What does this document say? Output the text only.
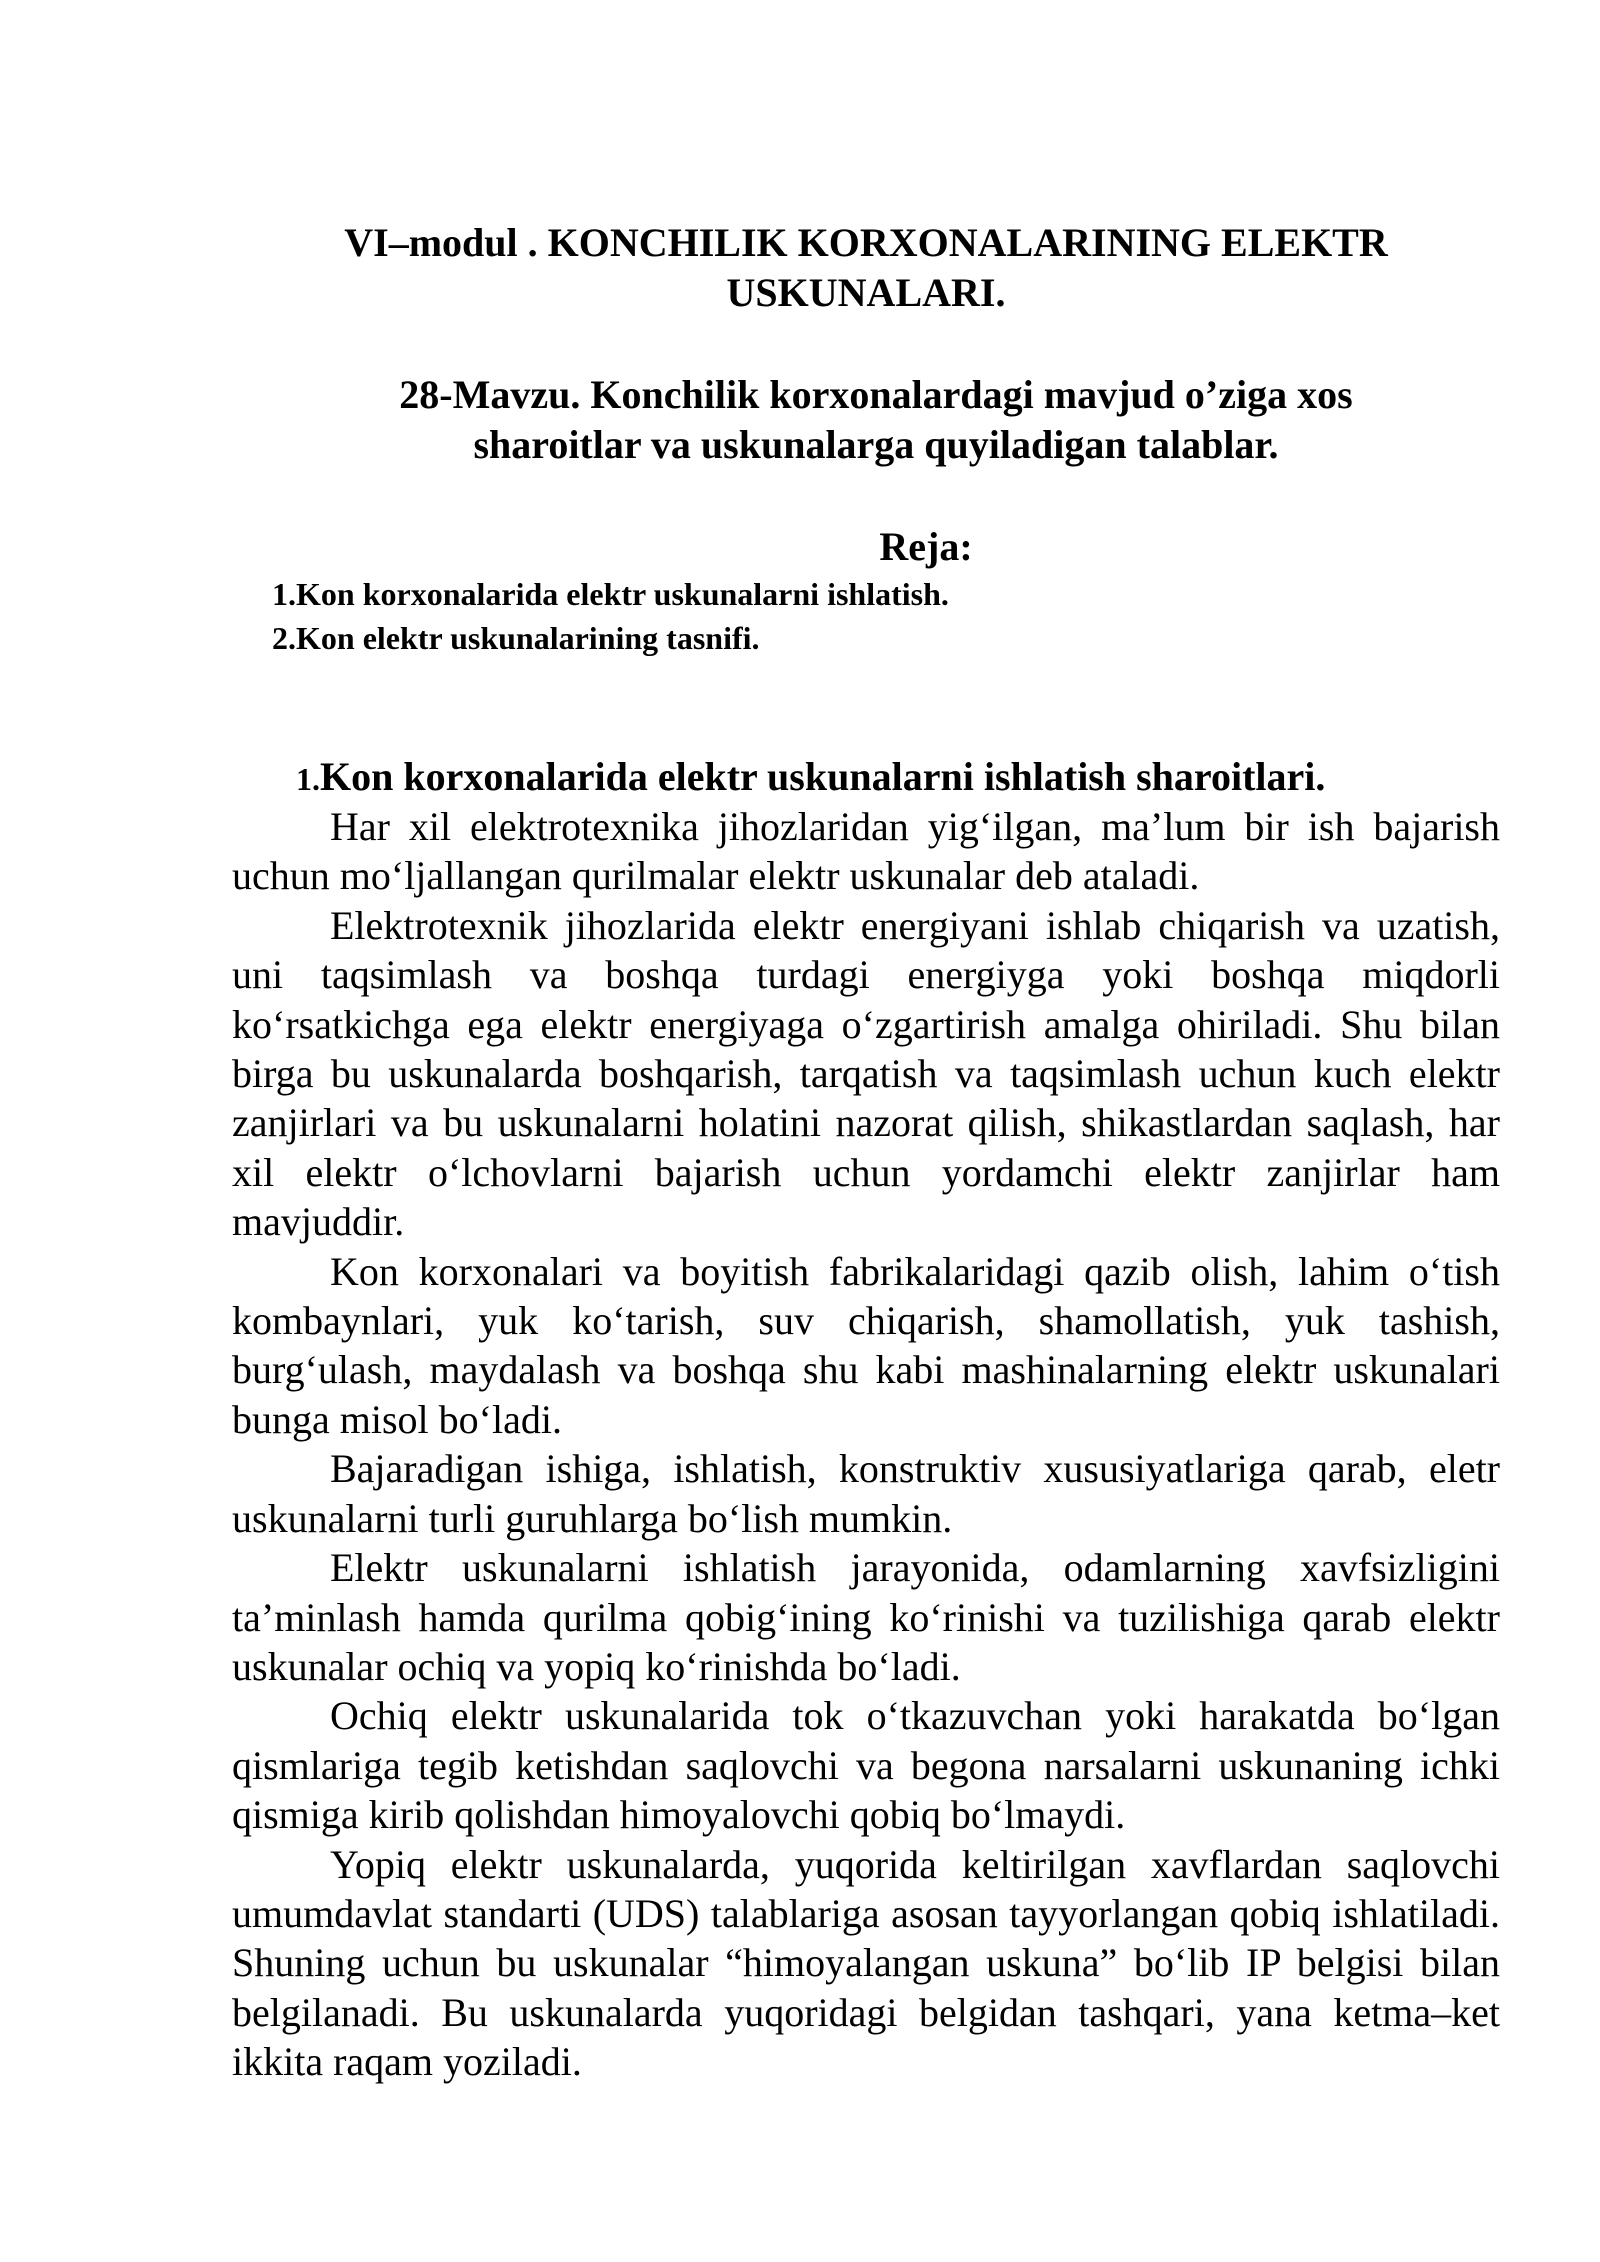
VI–modul . KONCHILIK KORXONALARINING ELEKTR USKUNALARI.
28-Mavzu. Konchilik korxonalardagi mavjud o’ziga xos sharoitlar va uskunalarga quyiladigan talablar.
Reja:
1.Kon korxonalarida elektr uskunalarni ishlatish.
2.Kon elektr uskunalarining tasnifi.
1.Kon korxonalarida elektr uskunalarni ishlatish sharoitlari.

Har xil elektrotexnika jihozlaridan yig‘ilgan, ma’lum bir ish bajarish uchun mo‘ljallangan qurilmalar elektr uskunalar deb ataladi.

Elektrotexnik jihozlarida elektr energiyani ishlab chiqarish va uzatish, uni taqsimlash va boshqa turdagi energiyga yoki boshqa miqdorli ko‘rsatkichga ega elektr energiyaga o‘zgartirish amalga ohiriladi. Shu bilan birga bu uskunalarda boshqarish, tarqatish va taqsimlash uchun kuch elektr zanjirlari va bu uskunalarni holatini nazorat qilish, shikastlardan saqlash, har xil elektr o‘lchovlarni bajarish uchun yordamchi elektr zanjirlar ham mavjuddir.

Kon korxonalari va boyitish fabrikalaridagi qazib olish, lahim o‘tish kombaynlari, yuk ko‘tarish, suv chiqarish, shamollatish, yuk tashish, burg‘ulash, maydalash va boshqa shu kabi mashinalarning elektr uskunalari bunga misol bo‘ladi.

Bajaradigan ishiga, ishlatish, konstruktiv xususiyatlariga qarab, eletr uskunalarni turli guruhlarga bo‘lish mumkin.

Elektr uskunalarni ishlatish jarayonida, odamlarning xavfsizligini ta’minlash hamda qurilma qobig‘ining ko‘rinishi va tuzilishiga qarab elektr uskunalar ochiq va yopiq ko‘rinishda bo‘ladi.

Ochiq elektr uskunalarida tok o‘tkazuvchan yoki harakatda bo‘lgan qismlariga tegib ketishdan saqlovchi va begona narsalarni uskunaning ichki qismiga kirib qolishdan himoyalovchi qobiq bo‘lmaydi.

Yopiq elektr uskunalarda, yuqorida keltirilgan xavflardan saqlovchi umumdavlat standarti (UDS) talablariga asosan tayyorlangan qobiq ishlatiladi. Shuning uchun bu uskunalar “himoyalangan uskuna” bo‘lib IP belgisi bilan belgilanadi. Bu uskunalarda yuqoridagi belgidan tashqari, yana ketma–ket ikkita raqam yoziladi.
